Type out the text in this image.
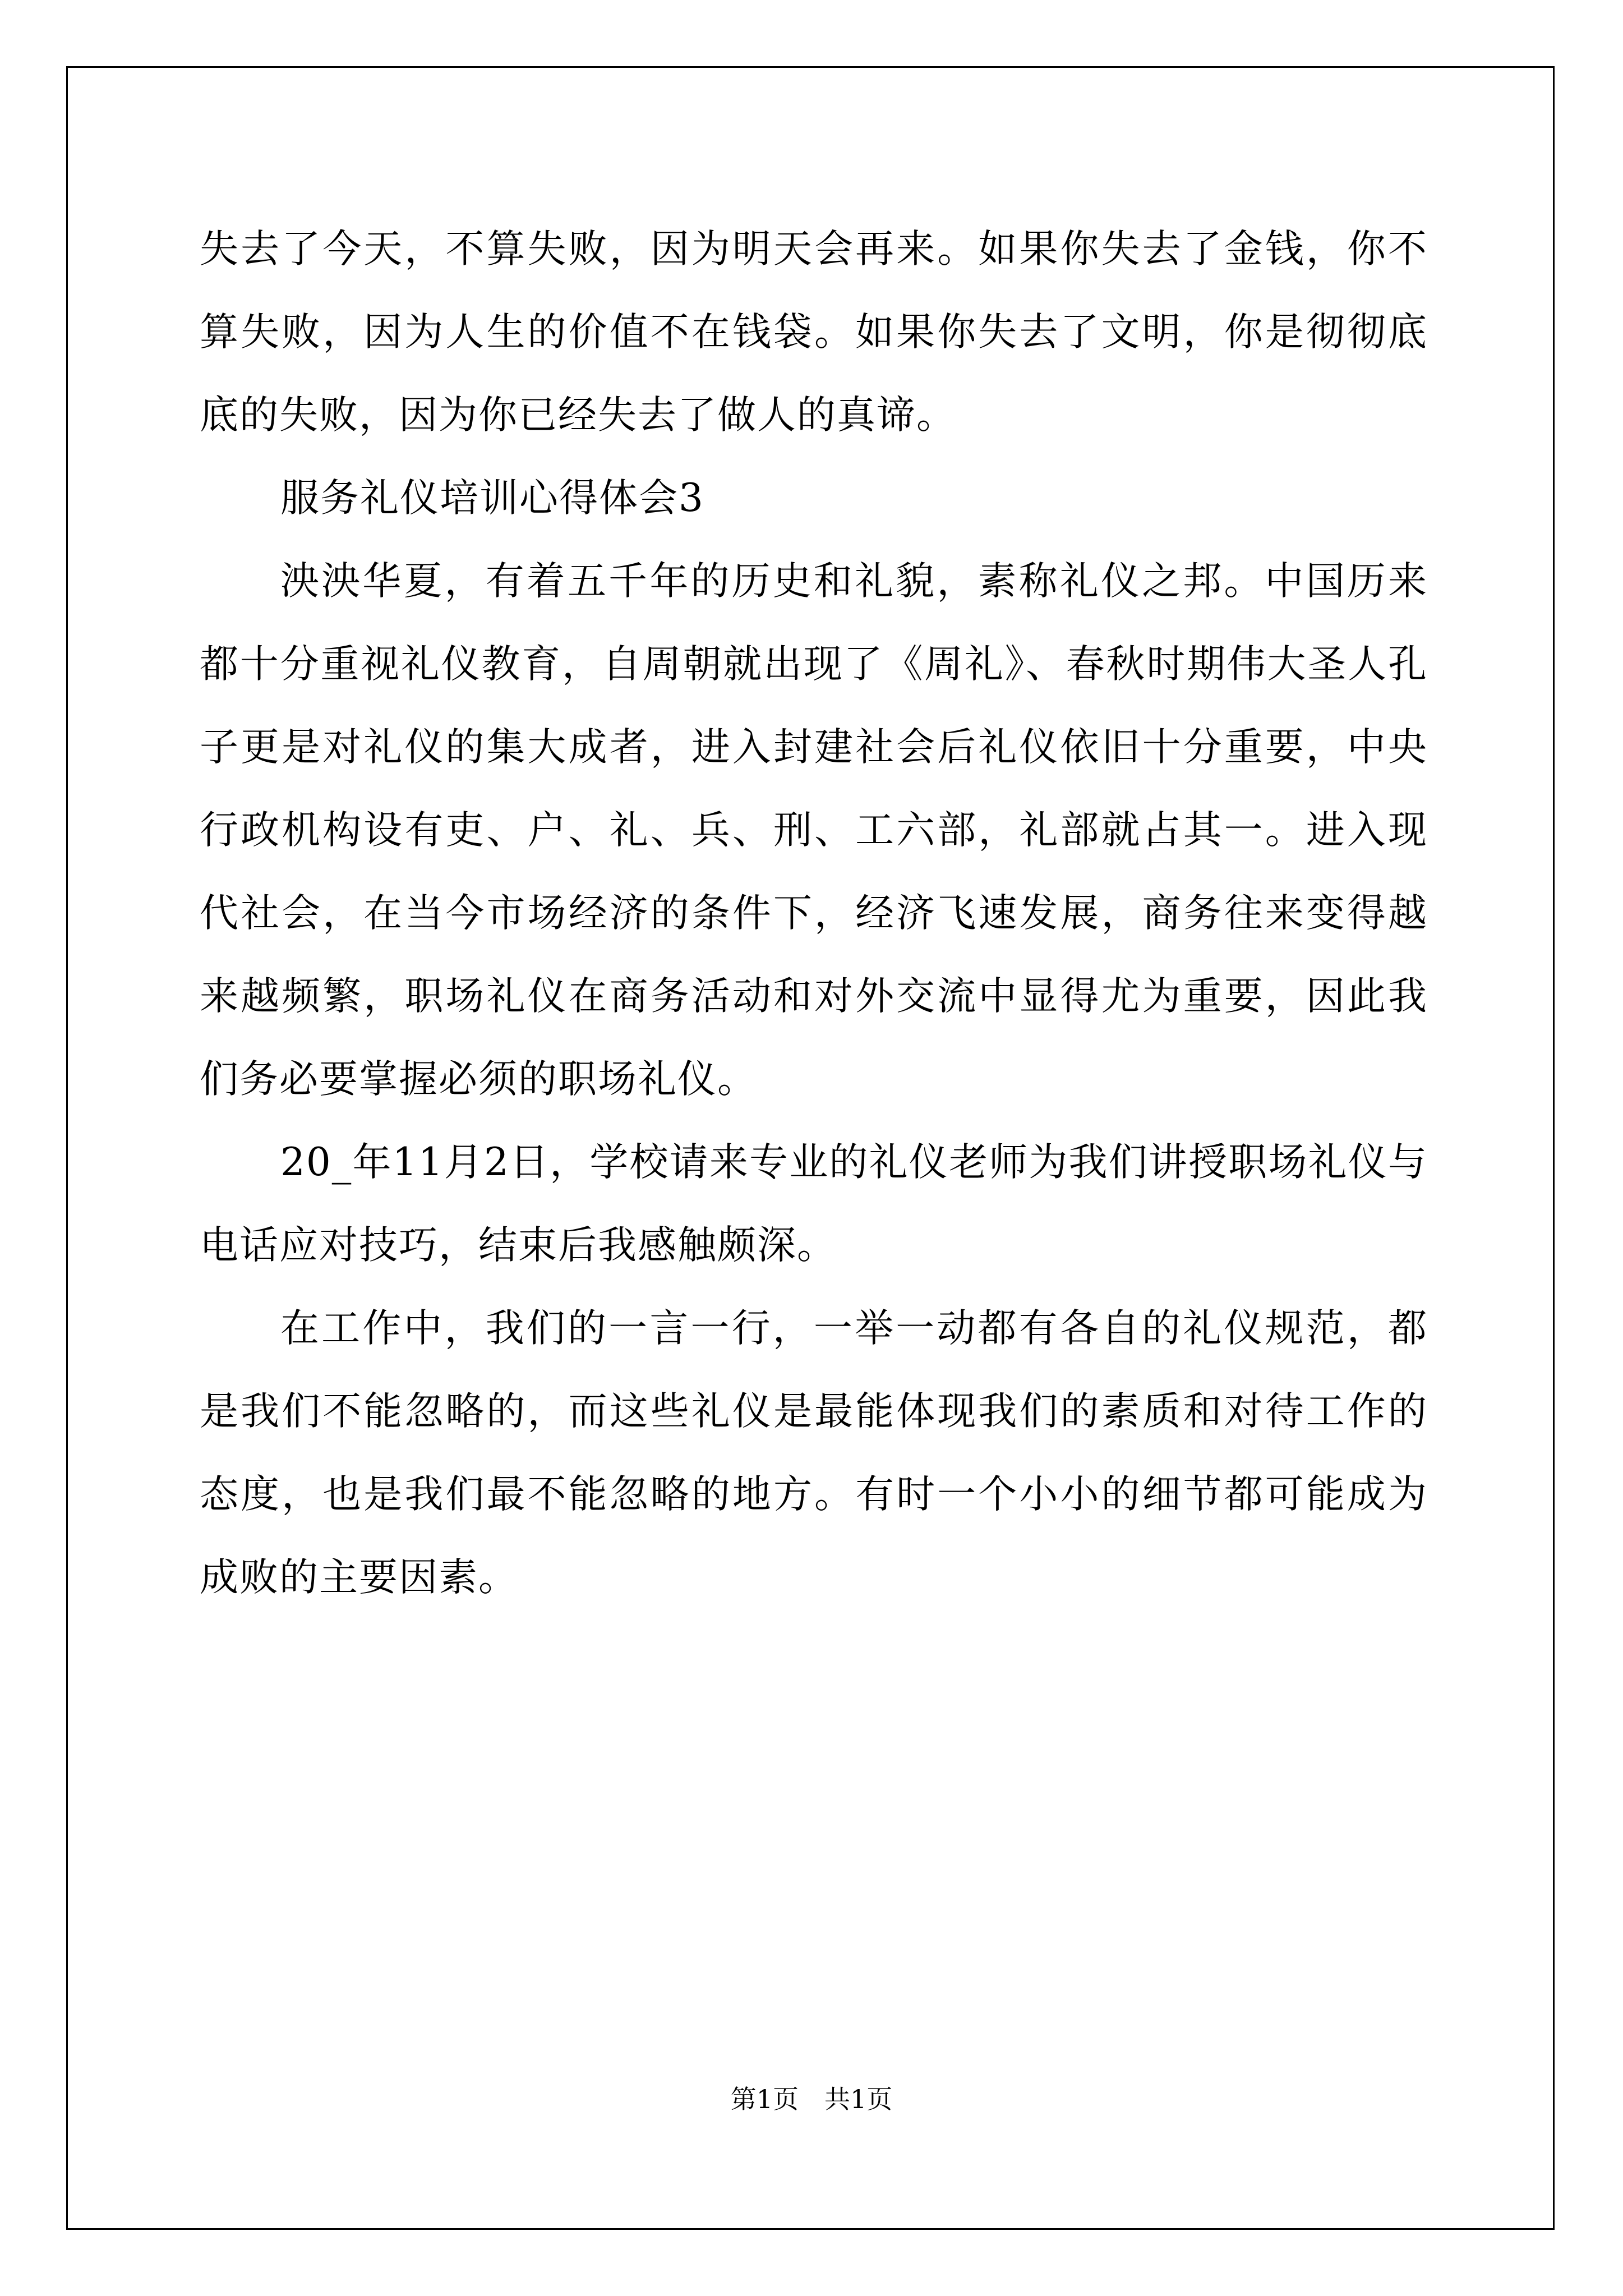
失去了今天，不算失败，因为明天会再来。如果你失去了金钱，你不算失败，因为人生的价值不在钱袋。如果你失去了文明，你是彻彻底底的失败，因为你已经失去了做人的真谛。

服务礼仪培训心得体会3

泱泱华夏，有着五千年的历史和礼貌，素称礼仪之邦。中国历来都十分重视礼仪教育，自周朝就出现了《周礼》、春秋时期伟大圣人孔子更是对礼仪的集大成者，进入封建社会后礼仪依旧十分重要，中央行政机构设有吏、户、礼、兵、刑、工六部，礼部就占其一。进入现代社会，在当今市场经济的条件下，经济飞速发展，商务往来变得越来越频繁，职场礼仪在商务活动和对外交流中显得尤为重要，因此我们务必要掌握必须的职场礼仪。

20_年11月2日，学校请来专业的礼仪老师为我们讲授职场礼仪与电话应对技巧，结束后我感触颇深。

在工作中，我们的一言一行，一举一动都有各自的礼仪规范，都是我们不能忽略的，而这些礼仪是最能体现我们的素质和对待工作的态度，也是我们最不能忽略的地方。有时一个小小的细节都可能成为成败的主要因素。

第1页　共1页
